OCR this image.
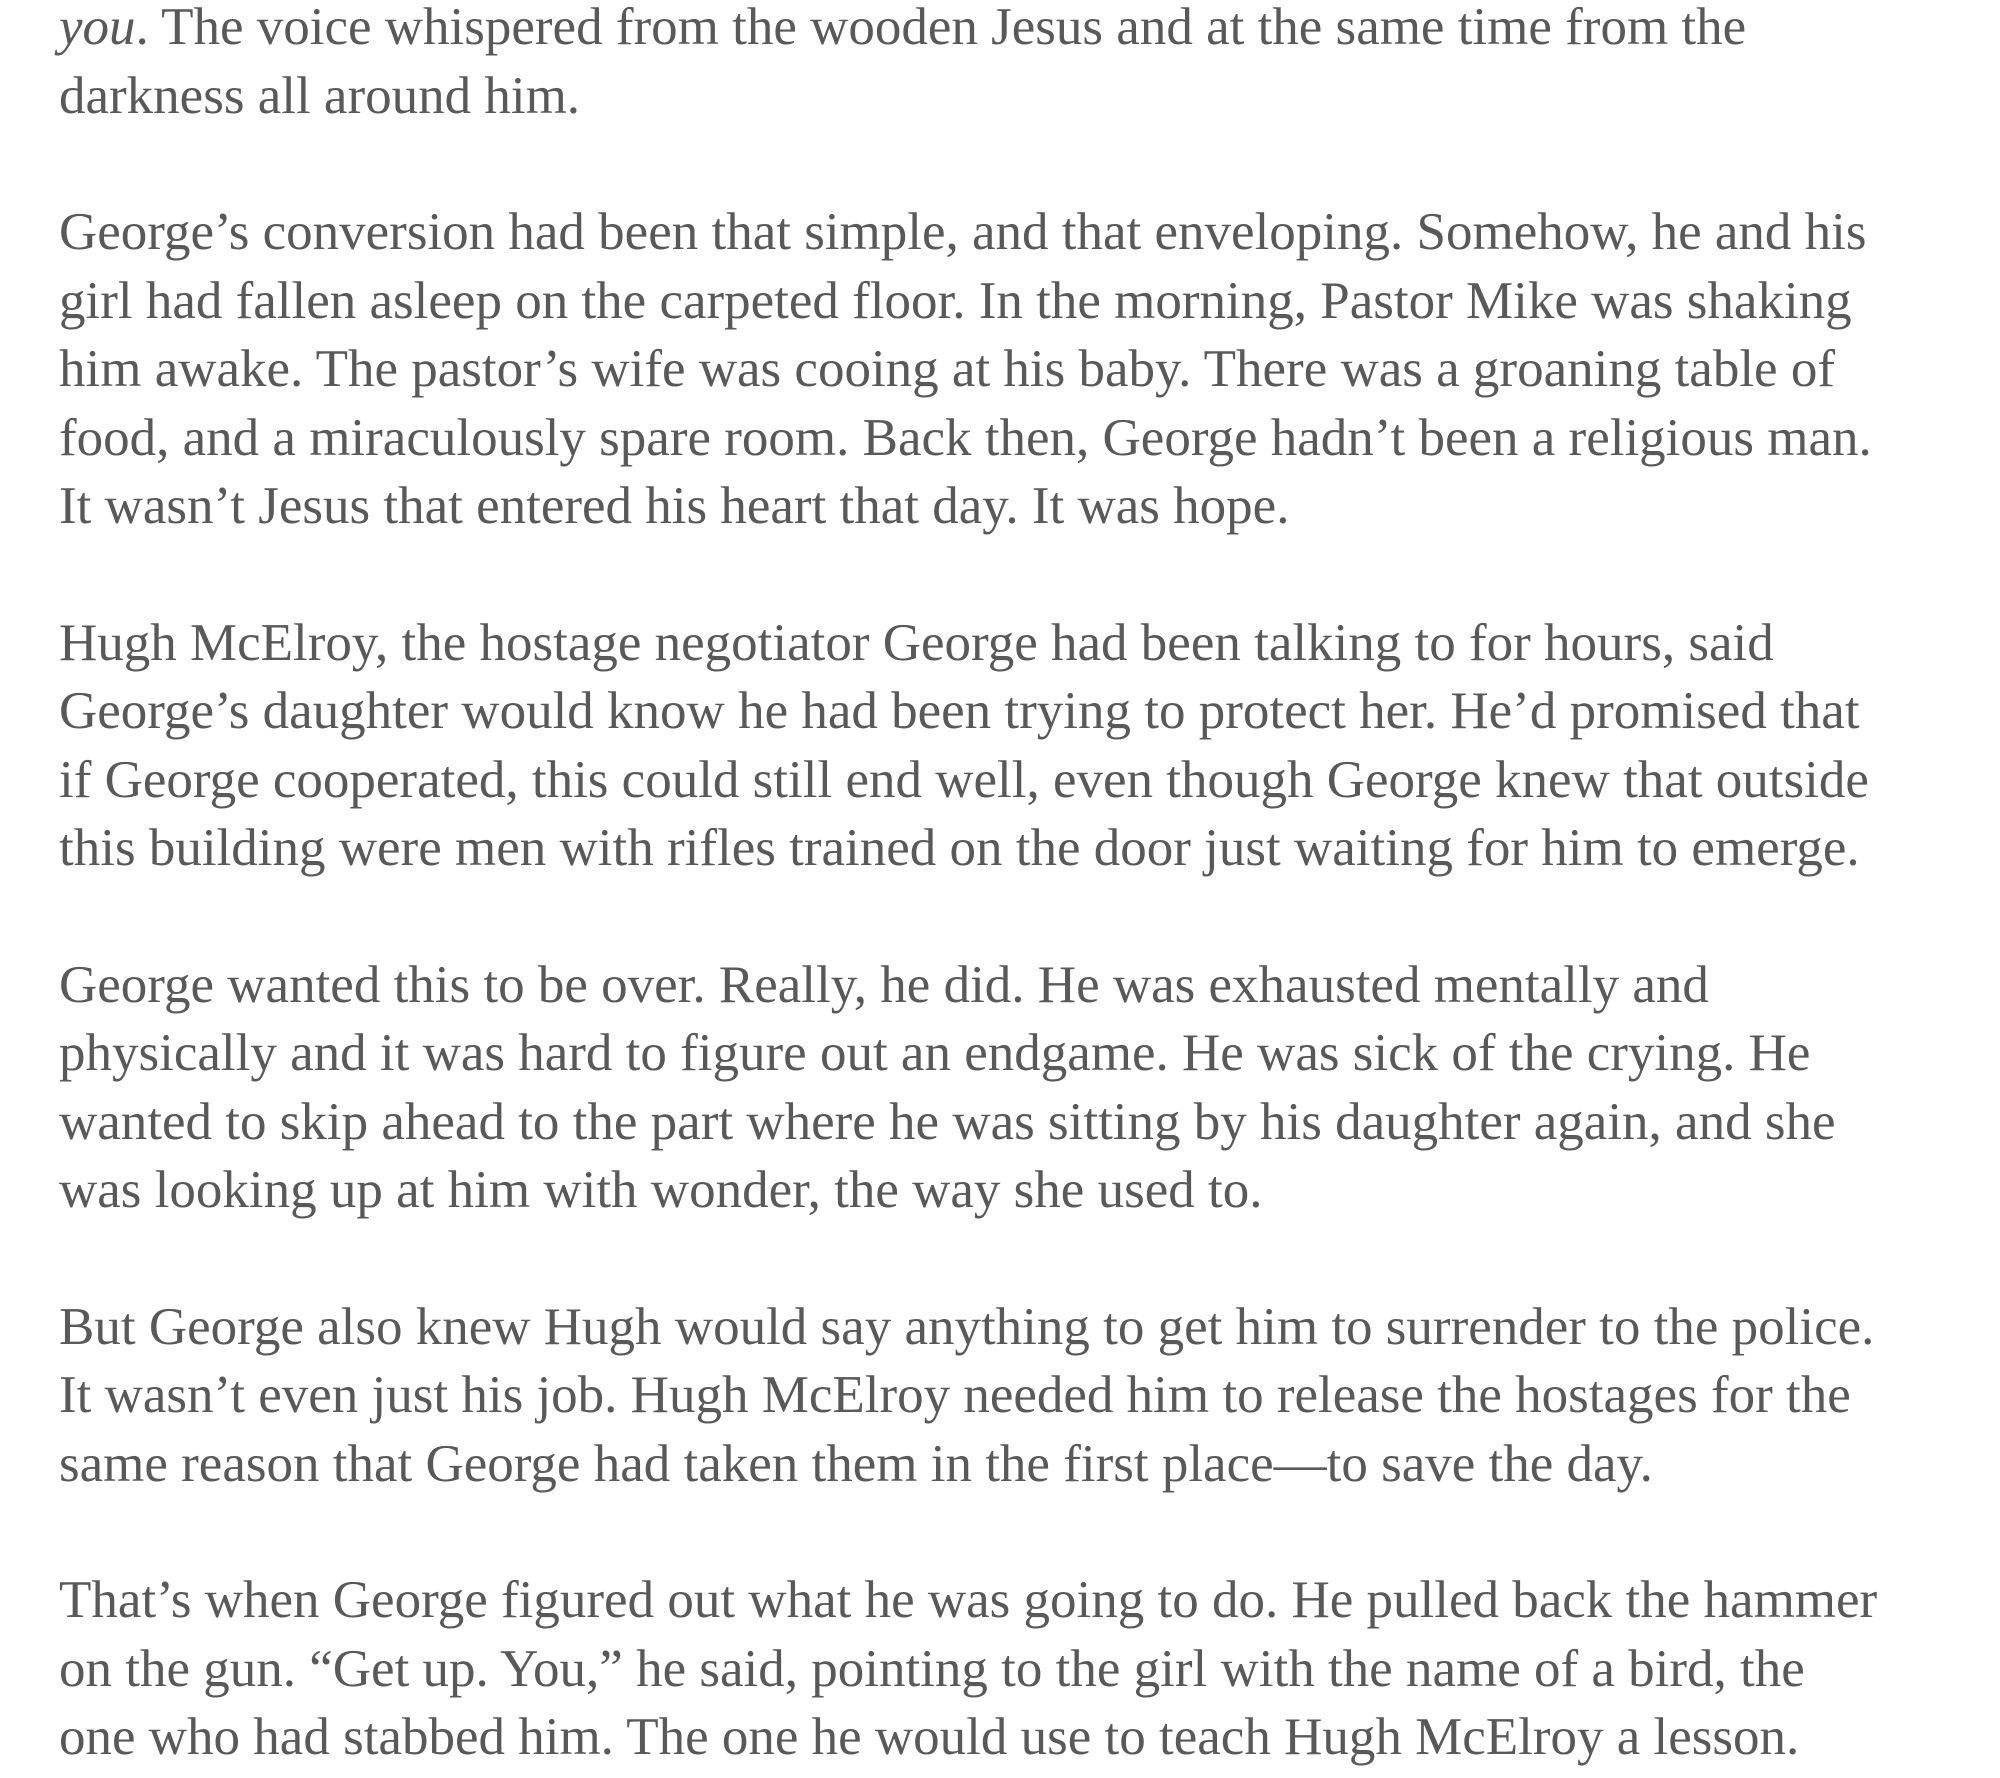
you. The voice whispered from the wooden Jesus and at the same time from the
darkness all around him.

George’s conversion had been that simple, and that enveloping. Somehow, he and his
girl had fallen asleep on the carpeted floor. In the morning, Pastor Mike was shaking
him awake. The pastor’s wife was cooing at his baby. There was a groaning table of
food, and a miraculously spare room. Back then, George hadn’t been a religious man.
It wasn’t Jesus that entered his heart that day. It was hope.

Hugh McElroy, the hostage negotiator George had been talking to for hours, said
George’s daughter would know he had been trying to protect her. He’d promised that
if George cooperated, this could still end well, even though George knew that outside
this building were men with rifles trained on the door just waiting for him to emerge.

George wanted this to be over. Really, he did. He was exhausted mentally and
physically and it was hard to figure out an endgame. He was sick of the crying. He
wanted to skip ahead to the part where he was sitting by his daughter again, and she
was looking up at him with wonder, the way she used to.

But George also knew Hugh would say anything to get him to surrender to the police.
It wasn’t even just his job. Hugh McElroy needed him to release the hostages for the
same reason that George had taken them in the first place—to save the day.

That’s when George figured out what he was going to do. He pulled back the hammer
on the gun. “Get up. You,” he said, pointing to the girl with the name of a bird, the
one who had stabbed him. The one he would use to teach Hugh McElroy a lesson.
